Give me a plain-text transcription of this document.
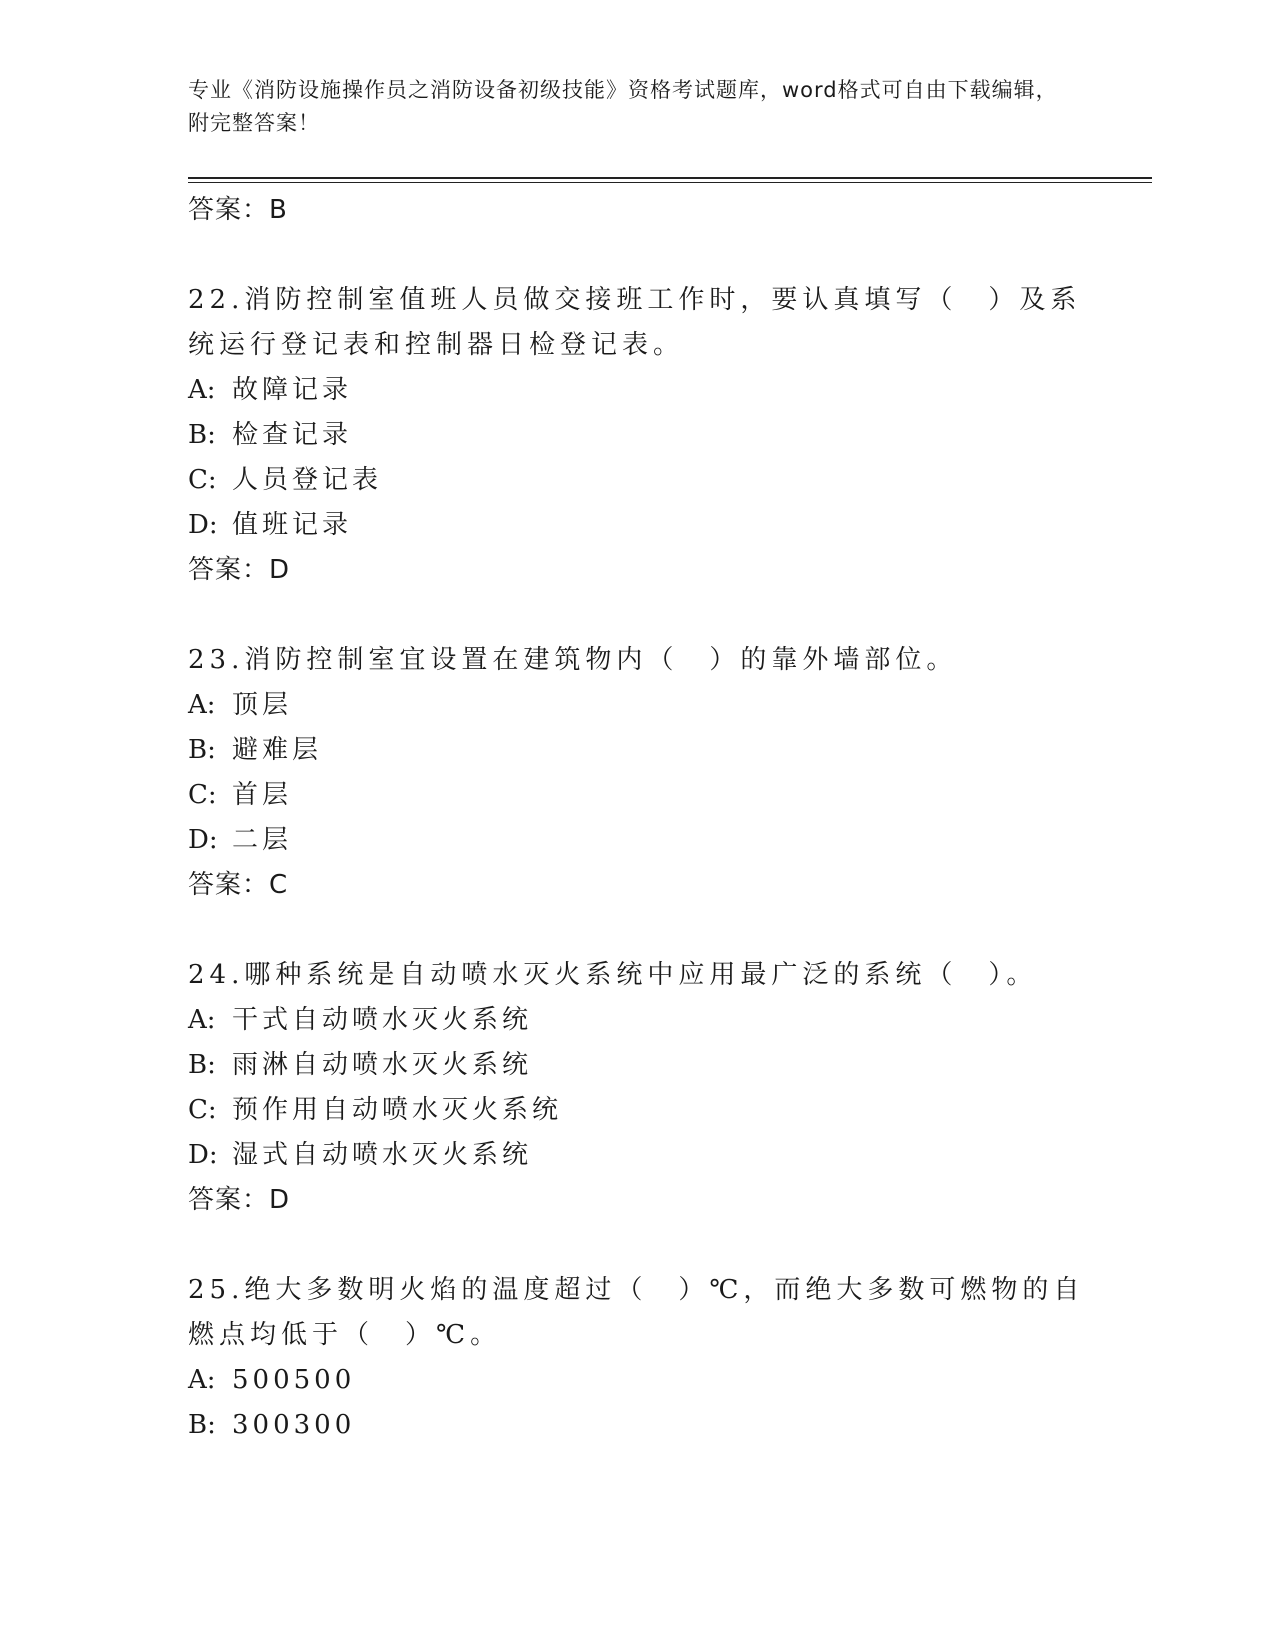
专业《消防设施操作员之消防设备初级技能》资格考试题库，word格式可自由下载编辑，附完整答案！
答案：B
22.消防控制室值班人员做交接班工作时，要认真填写（　）及系统运行登记表和控制器日检登记表。
A: 故障记录
B: 检查记录
C: 人员登记表
D: 值班记录
答案：D
23.消防控制室宜设置在建筑物内（　）的靠外墙部位。
A: 顶层
B: 避难层
C: 首层
D: 二层
答案：C
24.哪种系统是自动喷水灭火系统中应用最广泛的系统（　）。
A: 干式自动喷水灭火系统
B: 雨淋自动喷水灭火系统
C: 预作用自动喷水灭火系统
D: 湿式自动喷水灭火系统
答案：D
25.绝大多数明火焰的温度超过（　）℃，而绝大多数可燃物的自燃点均低于（　）℃。
A: 500500
B: 300300
